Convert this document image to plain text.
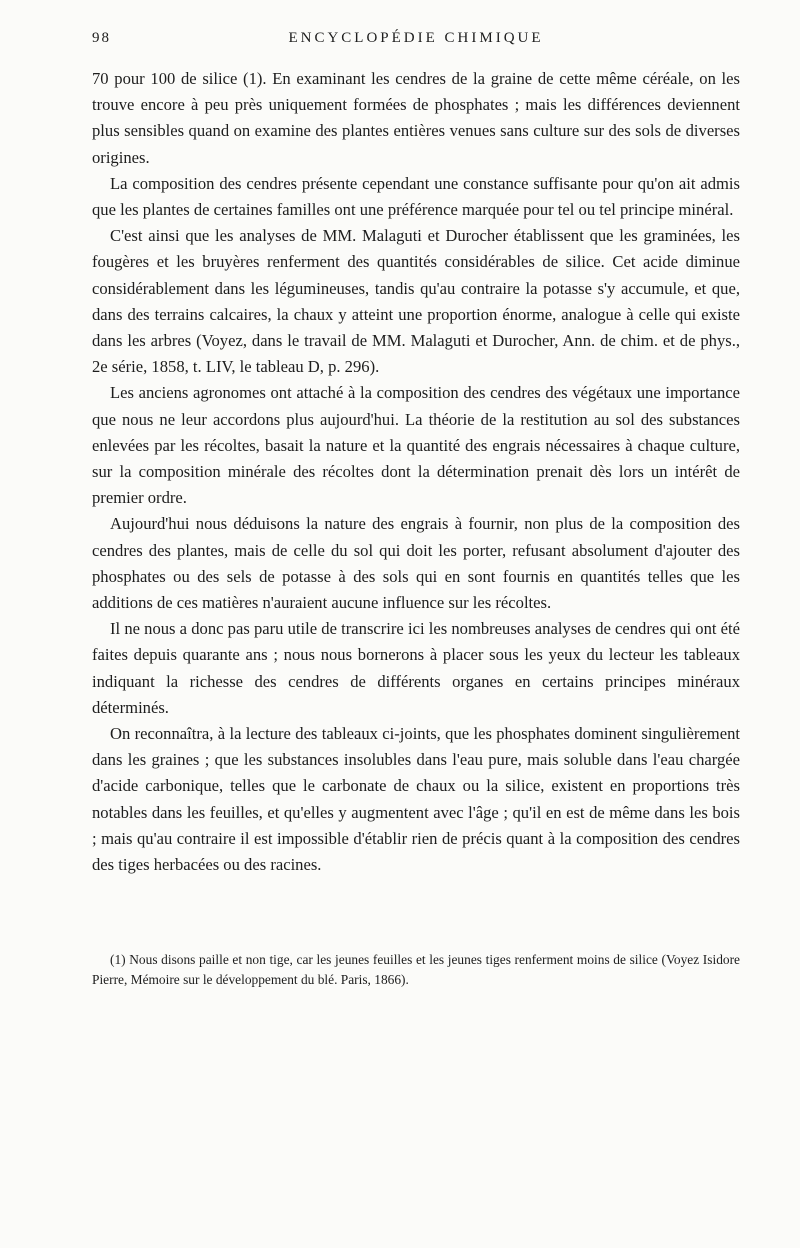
98	ENCYCLOPÉDIE CHIMIQUE

70 pour 100 de silice (1). En examinant les cendres de la graine de cette même céréale, on les trouve encore à peu près uniquement formées de phosphates ; mais les différences deviennent plus sensibles quand on examine des plantes entières venues sans culture sur des sols de diverses origines.

La composition des cendres présente cependant une constance suffisante pour qu'on ait admis que les plantes de certaines familles ont une préférence marquée pour tel ou tel principe minéral.

C'est ainsi que les analyses de MM. Malaguti et Durocher établissent que les graminées, les fougères et les bruyères renferment des quantités considérables de silice. Cet acide diminue considérablement dans les légumineuses, tandis qu'au contraire la potasse s'y accumule, et que, dans des terrains calcaires, la chaux y atteint une proportion énorme, analogue à celle qui existe dans les arbres (Voyez, dans le travail de MM. Malaguti et Durocher, Ann. de chim. et de phys., 2e série, 1858, t. LIV, le tableau D, p. 296).

Les anciens agronomes ont attaché à la composition des cendres des végétaux une importance que nous ne leur accordons plus aujourd'hui. La théorie de la restitution au sol des substances enlevées par les récoltes, basait la nature et la quantité des engrais nécessaires à chaque culture, sur la composition minérale des récoltes dont la détermination prenait dès lors un intérêt de premier ordre.

Aujourd'hui nous déduisons la nature des engrais à fournir, non plus de la composition des cendres des plantes, mais de celle du sol qui doit les porter, refusant absolument d'ajouter des phosphates ou des sels de potasse à des sols qui en sont fournis en quantités telles que les additions de ces matières n'auraient aucune influence sur les récoltes.

Il ne nous a donc pas paru utile de transcrire ici les nombreuses analyses de cendres qui ont été faites depuis quarante ans ; nous nous bornerons à placer sous les yeux du lecteur les tableaux indiquant la richesse des cendres de différents organes en certains principes minéraux déterminés.

On reconnaîtra, à la lecture des tableaux ci-joints, que les phosphates dominent singulièrement dans les graines ; que les substances insolubles dans l'eau pure, mais soluble dans l'eau chargée d'acide carbonique, telles que le carbonate de chaux ou la silice, existent en proportions très notables dans les feuilles, et qu'elles y augmentent avec l'âge ; qu'il en est de même dans les bois ; mais qu'au contraire il est impossible d'établir rien de précis quant à la composition des cendres des tiges herbacées ou des racines.

(1) Nous disons paille et non tige, car les jeunes feuilles et les jeunes tiges renferment moins de silice (Voyez Isidore Pierre, Mémoire sur le développement du blé. Paris, 1866).
